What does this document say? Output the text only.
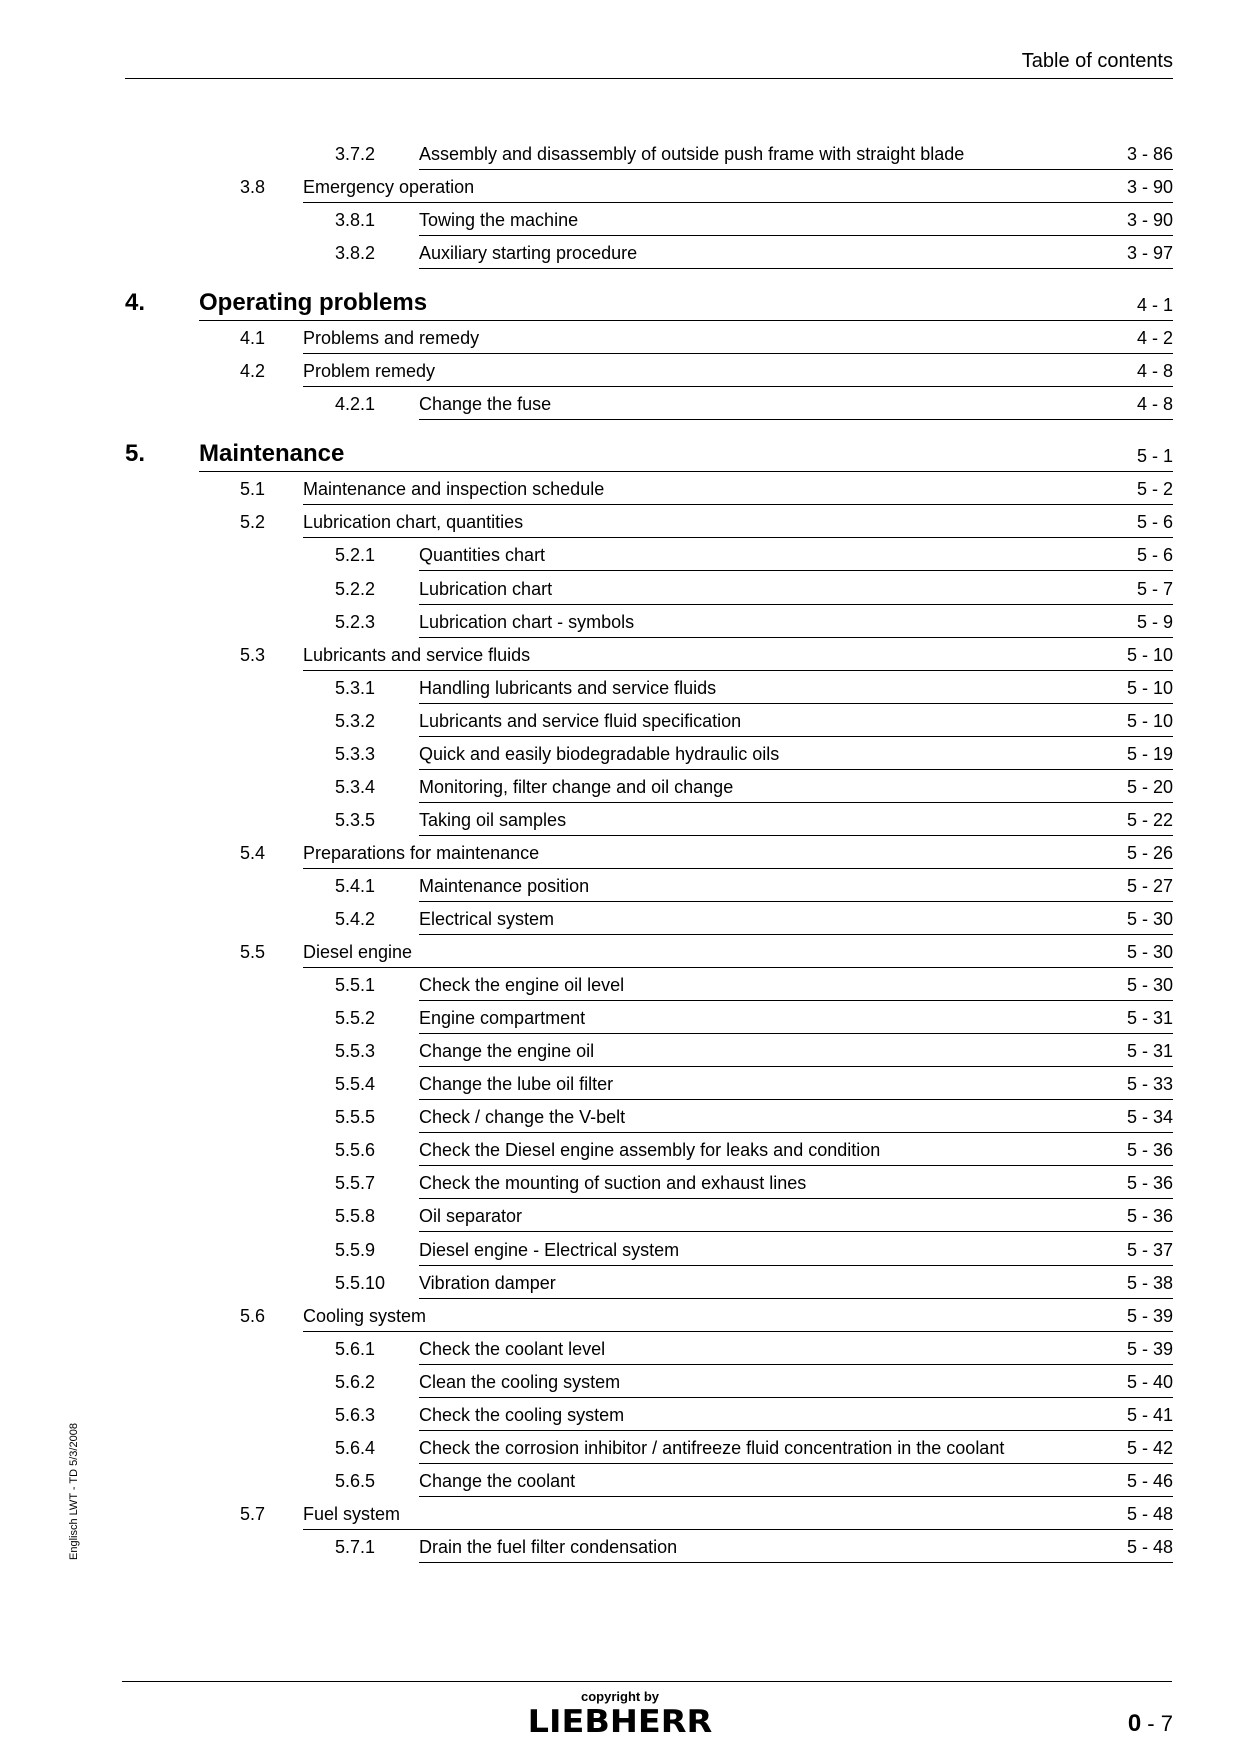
Table of contents
3.7.2 Assembly and disassembly of outside push frame with straight blade	3 - 86
3.8 Emergency operation	3 - 90
3.8.1 Towing the machine	3 - 90
3.8.2 Auxiliary starting procedure	3 - 97
4. Operating problems	4 - 1
4.1 Problems and remedy	4 - 2
4.2 Problem remedy	4 - 8
4.2.1 Change the fuse	4 - 8
5. Maintenance	5 - 1
5.1 Maintenance and inspection schedule	5 - 2
5.2 Lubrication chart, quantities	5 - 6
5.2.1 Quantities chart	5 - 6
5.2.2 Lubrication chart	5 - 7
5.2.3 Lubrication chart - symbols	5 - 9
5.3 Lubricants and service fluids	5 - 10
5.3.1 Handling lubricants and service fluids	5 - 10
5.3.2 Lubricants and service fluid specification	5 - 10
5.3.3 Quick and easily biodegradable hydraulic oils	5 - 19
5.3.4 Monitoring, filter change and oil change	5 - 20
5.3.5 Taking oil samples	5 - 22
5.4 Preparations for maintenance	5 - 26
5.4.1 Maintenance position	5 - 27
5.4.2 Electrical system	5 - 30
5.5 Diesel engine	5 - 30
5.5.1 Check the engine oil level	5 - 30
5.5.2 Engine compartment	5 - 31
5.5.3 Change the engine oil	5 - 31
5.5.4 Change the lube oil filter	5 - 33
5.5.5 Check / change the V-belt	5 - 34
5.5.6 Check the Diesel engine assembly for leaks and condition	5 - 36
5.5.7 Check the mounting of suction and exhaust lines	5 - 36
5.5.8 Oil separator	5 - 36
5.5.9 Diesel engine - Electrical system	5 - 37
5.5.10 Vibration damper	5 - 38
5.6 Cooling system	5 - 39
5.6.1 Check the coolant level	5 - 39
5.6.2 Clean the cooling system	5 - 40
5.6.3 Check the cooling system	5 - 41
5.6.4 Check the corrosion inhibitor / antifreeze fluid concentration in the coolant	5 - 42
5.6.5 Change the coolant	5 - 46
5.7 Fuel system	5 - 48
5.7.1 Drain the fuel filter condensation	5 - 48
Englisch LWT - TD 5/3/2008
copyright by
LIEBHERR	0 - 7
